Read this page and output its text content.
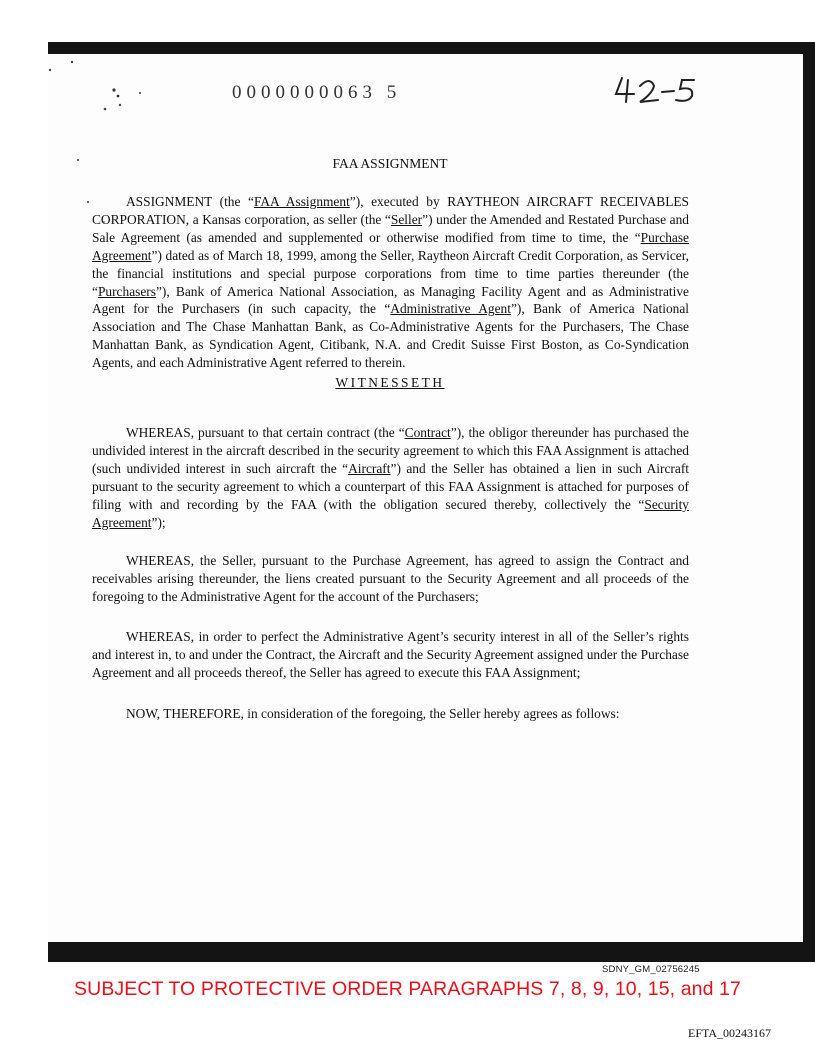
0000000063 5
FAA ASSIGNMENT

ASSIGNMENT (the “FAA Assignment”), executed by RAYTHEON AIRCRAFT RECEIVABLES CORPORATION, a Kansas corporation, as seller (the “Seller”) under the Amended and Restated Purchase and Sale Agreement (as amended and supplemented or otherwise modified from time to time, the “Purchase Agreement”) dated as of March 18, 1999, among the Seller, Raytheon Aircraft Credit Corporation, as Servicer, the financial institutions and special purpose corporations from time to time parties thereunder (the “Purchasers”), Bank of America National Association, as Managing Facility Agent and as Administrative Agent for the Purchasers (in such capacity, the “Administrative Agent”), Bank of America National Association and The Chase Manhattan Bank, as Co-Administrative Agents for the Purchasers, The Chase Manhattan Bank, as Syndication Agent, Citibank, N.A. and Credit Suisse First Boston, as Co-Syndication Agents, and each Administrative Agent referred to therein.

WITNESSETH

WHEREAS, pursuant to that certain contract (the “Contract”), the obligor thereunder has purchased the undivided interest in the aircraft described in the security agreement to which this FAA Assignment is attached (such undivided interest in such aircraft the “Aircraft”) and the Seller has obtained a lien in such Aircraft pursuant to the security agreement to which a counterpart of this FAA Assignment is attached for purposes of filing with and recording by the FAA (with the obligation secured thereby, collectively the “Security Agreement”);

WHEREAS, the Seller, pursuant to the Purchase Agreement, has agreed to assign the Contract and receivables arising thereunder, the liens created pursuant to the Security Agreement and all proceeds of the foregoing to the Administrative Agent for the account of the Purchasers;

WHEREAS, in order to perfect the Administrative Agent’s security interest in all of the Seller’s rights and interest in, to and under the Contract, the Aircraft and the Security Agreement assigned under the Purchase Agreement and all proceeds thereof, the Seller has agreed to execute this FAA Assignment;

NOW, THEREFORE, in consideration of the foregoing, the Seller hereby agrees as follows:

SDNY_GM_02756245
SUBJECT TO PROTECTIVE ORDER PARAGRAPHS 7, 8, 9, 10, 15, and 17
EFTA_00243167
